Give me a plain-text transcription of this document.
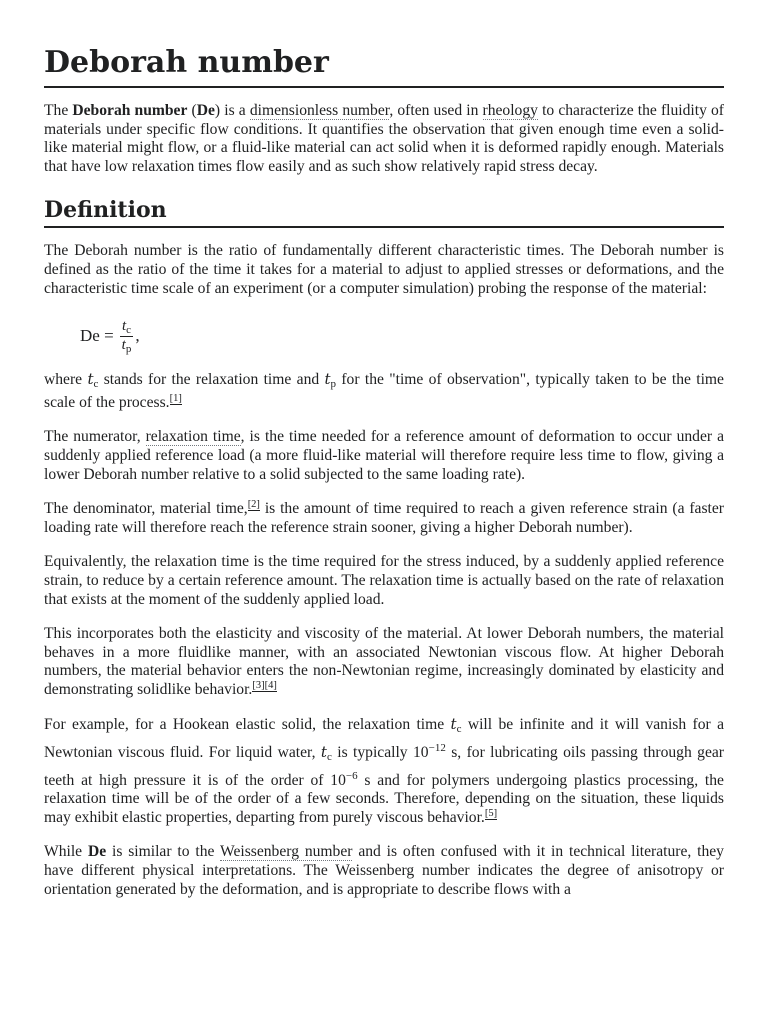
Deborah number

The Deborah number (De) is a dimensionless number, often used in rheology to characterize the fluidity of materials under specific flow conditions. It quantifies the observation that given enough time even a solid-like material might flow, or a fluid-like material can act solid when it is deformed rapidly enough. Materials that have low relaxation times flow easily and as such show relatively rapid stress decay.

Definition

The Deborah number is the ratio of fundamentally different characteristic times. The Deborah number is defined as the ratio of the time it takes for a material to adjust to applied stresses or deformations, and the characteristic time scale of an experiment (or a computer simulation) probing the response of the material:

$De = \frac{t_c}{t_p}$ ,

where $t_c$ stands for the relaxation time and $t_p$ for the "time of observation", typically taken to be the time scale of the process.[1]

The numerator, relaxation time, is the time needed for a reference amount of deformation to occur under a suddenly applied reference load (a more fluid-like material will therefore require less time to flow, giving a lower Deborah number relative to a solid subjected to the same loading rate).

The denominator, material time,[2] is the amount of time required to reach a given reference strain (a faster loading rate will therefore reach the reference strain sooner, giving a higher Deborah number).

Equivalently, the relaxation time is the time required for the stress induced, by a suddenly applied reference strain, to reduce by a certain reference amount. The relaxation time is actually based on the rate of relaxation that exists at the moment of the suddenly applied load.

This incorporates both the elasticity and viscosity of the material. At lower Deborah numbers, the material behaves in a more fluidlike manner, with an associated Newtonian viscous flow. At higher Deborah numbers, the material behavior enters the non-Newtonian regime, increasingly dominated by elasticity and demonstrating solidlike behavior.[3][4]

For example, for a Hookean elastic solid, the relaxation time $t_c$ will be infinite and it will vanish for a Newtonian viscous fluid. For liquid water, $t_c$ is typically $10^{-12}$ s, for lubricating oils passing through gear teeth at high pressure it is of the order of $10^{-6}$ s and for polymers undergoing plastics processing, the relaxation time will be of the order of a few seconds. Therefore, depending on the situation, these liquids may exhibit elastic properties, departing from purely viscous behavior.[5]

While De is similar to the Weissenberg number and is often confused with it in technical literature, they have different physical interpretations. The Weissenberg number indicates the degree of anisotropy or orientation generated by the deformation, and is appropriate to describe flows with a
